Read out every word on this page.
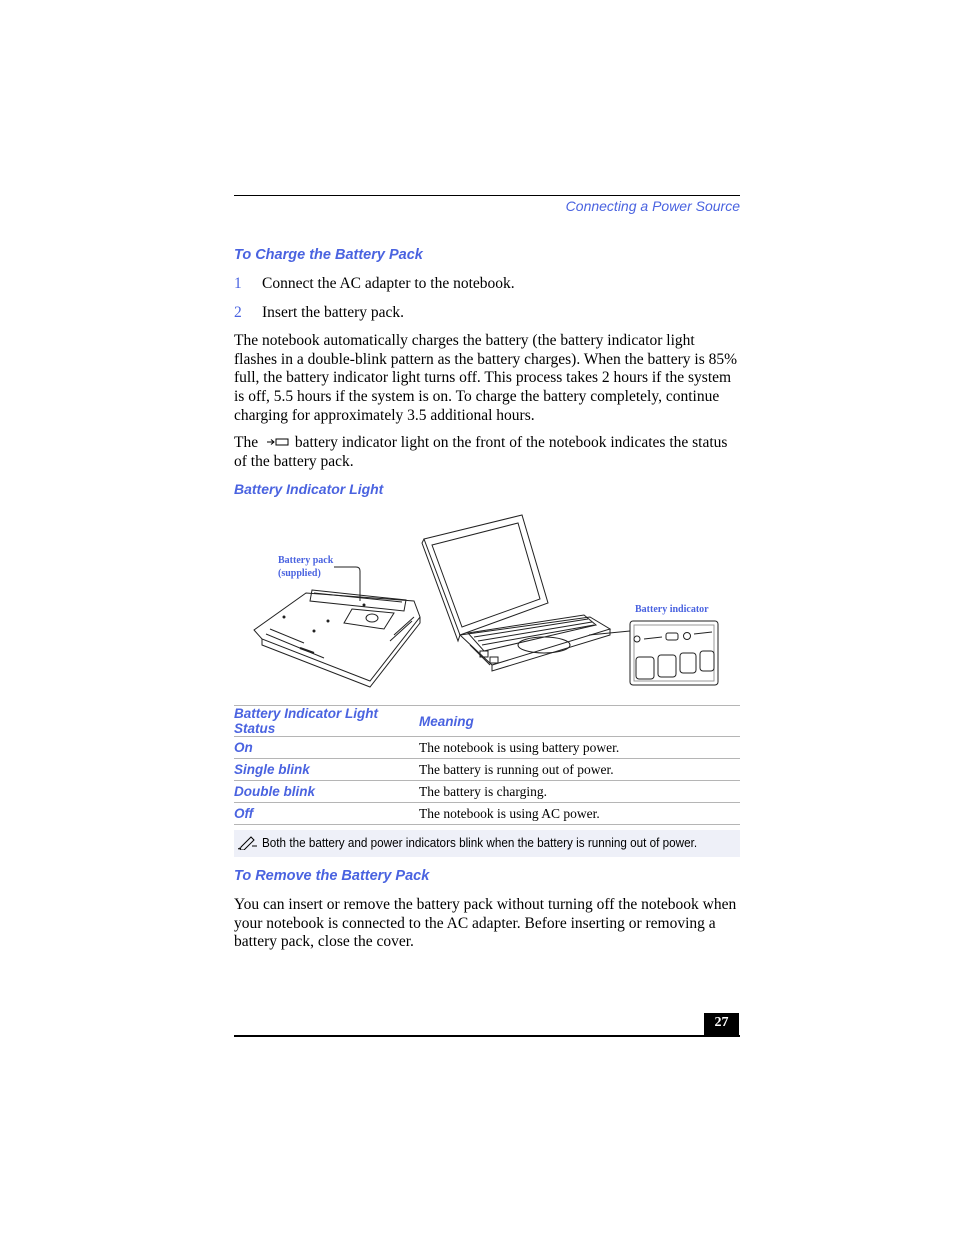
Connecting a Power Source
To Charge the Battery Pack
1 Connect the AC adapter to the notebook.
2 Insert the battery pack.
The notebook automatically charges the battery (the battery indicator light flashes in a double-blink pattern as the battery charges). When the battery is 85% full, the battery indicator light turns off. This process takes 2 hours if the system is off, 5.5 hours if the system is on. To charge the battery completely, continue charging for approximately 3.5 additional hours.
The battery indicator light on the front of the notebook indicates the status of the battery pack.
Battery Indicator Light
Battery pack
(supplied)
Battery indicator
Battery Indicator Light Status	Meaning
On	The notebook is using battery power.
Single blink	The battery is running out of power.
Double blink	The battery is charging.
Off	The notebook is using AC power.
Both the battery and power indicators blink when the battery is running out of power.
To Remove the Battery Pack
You can insert or remove the battery pack without turning off the notebook when your notebook is connected to the AC adapter. Before inserting or removing a battery pack, close the cover.
27
